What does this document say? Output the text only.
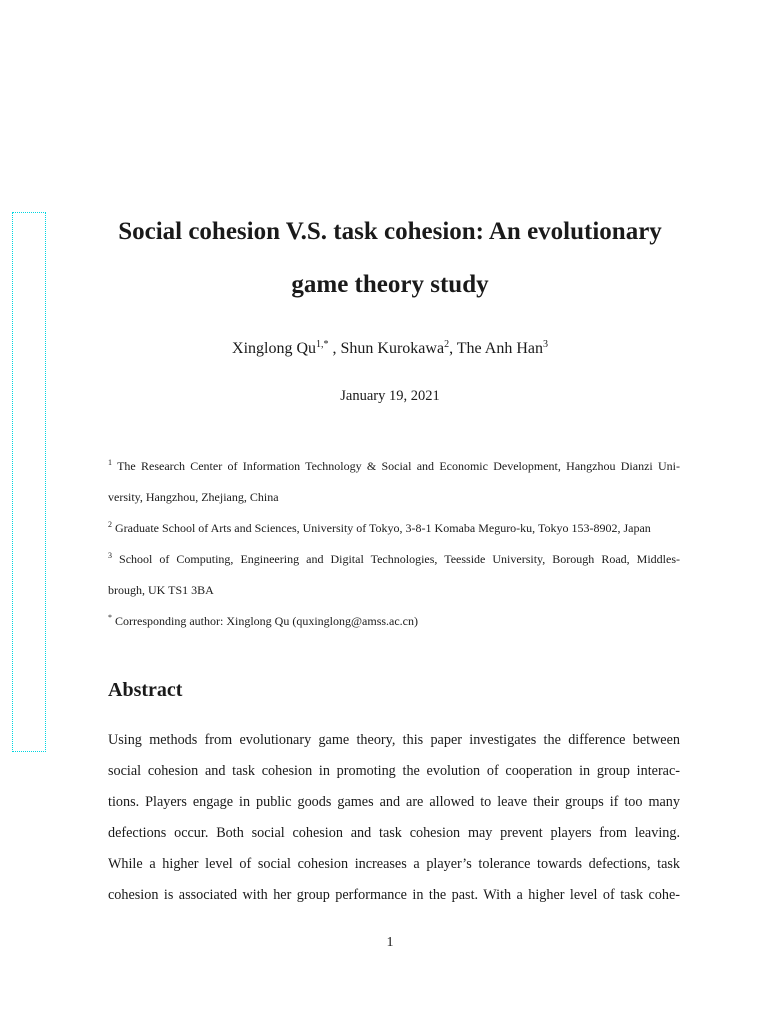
Social cohesion V.S. task cohesion: An evolutionary
game theory study
Xinglong $Qu^{1,*}$ , Shun Kurokawa$^2$, The Anh Han$^3$
January 19, 2021
$^1$ The Research Center of Information Technology & Social and Economic Development, Hangzhou Dianzi Uni-
versity, Hangzhou, Zhejiang, China
$^2$ Graduate School of Arts and Sciences, University of Tokyo, 3-8-1 Komaba Meguro-ku, Tokyo 153-8902, Japan
$^3$ School of Computing, Engineering and Digital Technologies, Teesside University, Borough Road, Middles-
brough, UK TS1 3BA
* Corresponding author: Xinglong Qu (quxinglong@amss.ac.cn)
Abstract
Using methods from evolutionary game theory, this paper investigates the difference between
social cohesion and task cohesion in promoting the evolution of cooperation in group interac-
tions. Players engage in public goods games and are allowed to leave their groups if too many
defections occur. Both social cohesion and task cohesion may prevent players from leaving.
While a higher level of social cohesion increases a player’s tolerance towards defections, task
cohesion is associated with her group performance in the past. With a higher level of task cohe-
1
